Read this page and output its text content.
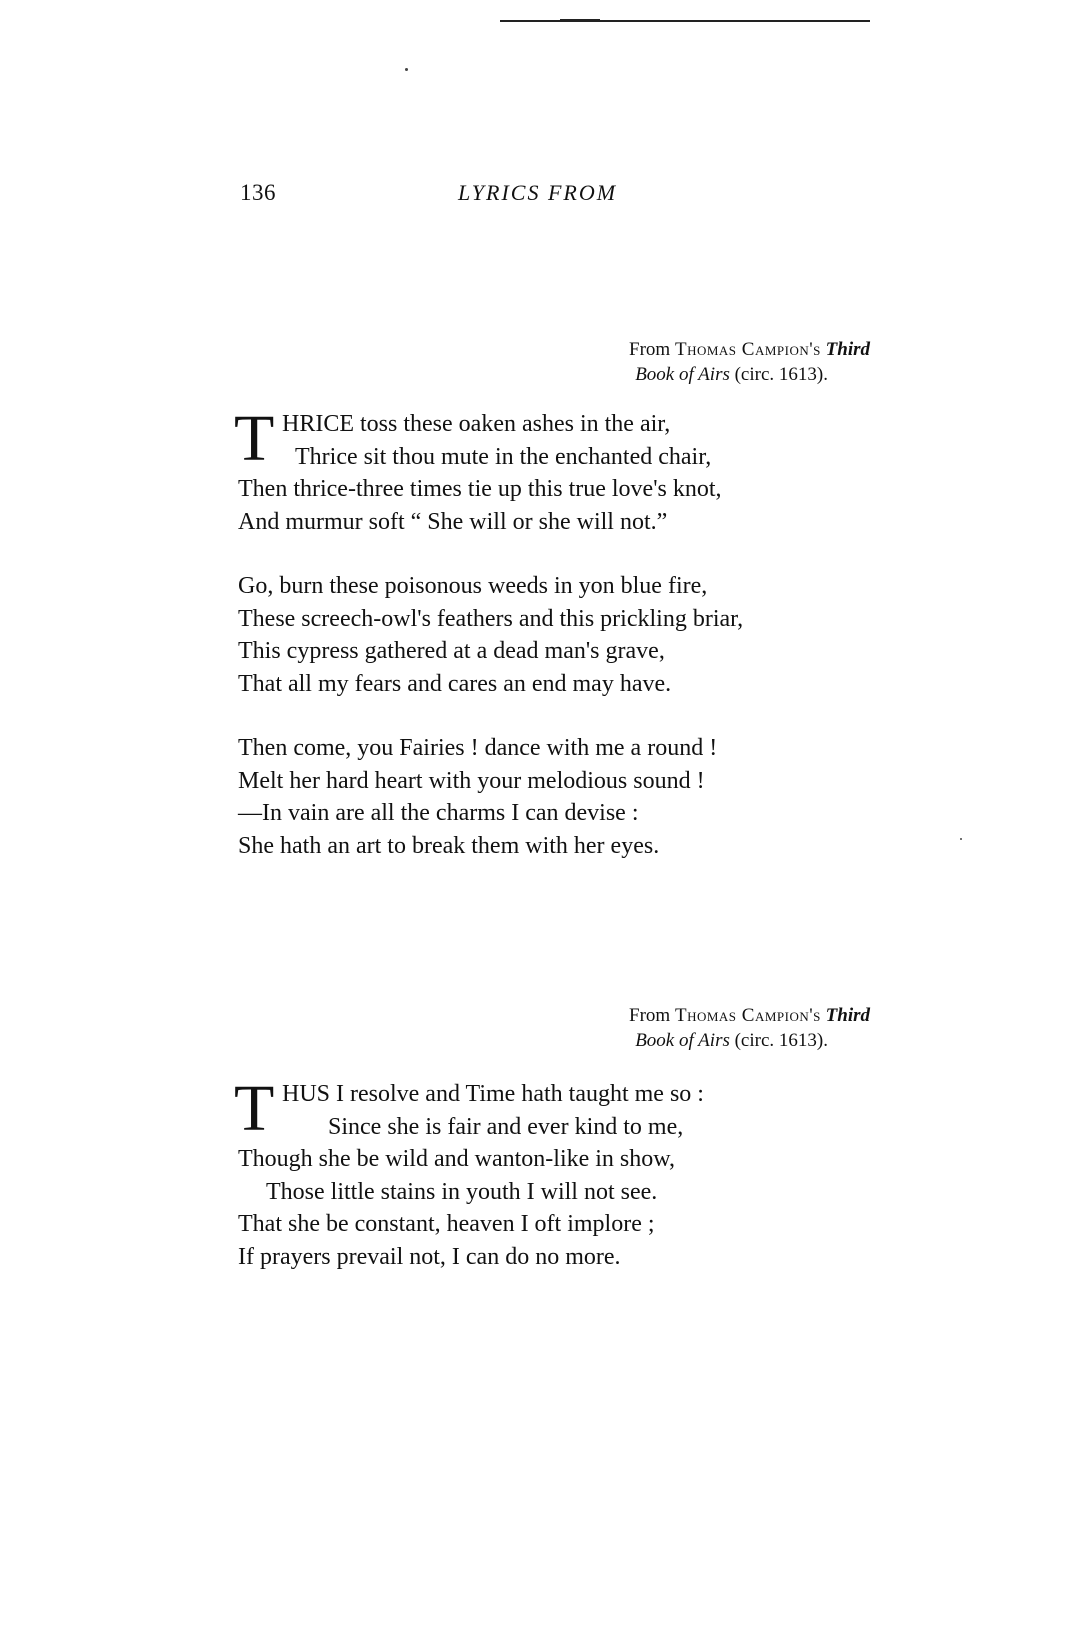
136	LYRICS FROM
From Thomas Campion's Third
Book of Airs (circ. 1613).
T HRICE toss these oaken ashes in the air,
Thrice sit thou mute in the enchanted chair,
Then thrice-three times tie up this true love's knot,
And murmur soft “ She will or she will not.”
Go, burn these poisonous weeds in yon blue fire,
These screech-owl's feathers and this prickling briar,
This cypress gathered at a dead man's grave,
That all my fears and cares an end may have.
Then come, you Fairies ! dance with me a round !
Melt her hard heart with your melodious sound !
—In vain are all the charms I can devise :
She hath an art to break them with her eyes.
From Thomas Campion's Third
Book of Airs (circ. 1613).
T HUS I resolve and Time hath taught me so :
Since she is fair and ever kind to me,
Though she be wild and wanton-like in show,
Those little stains in youth I will not see.
That she be constant, heaven I oft implore ;
If prayers prevail not, I can do no more.
